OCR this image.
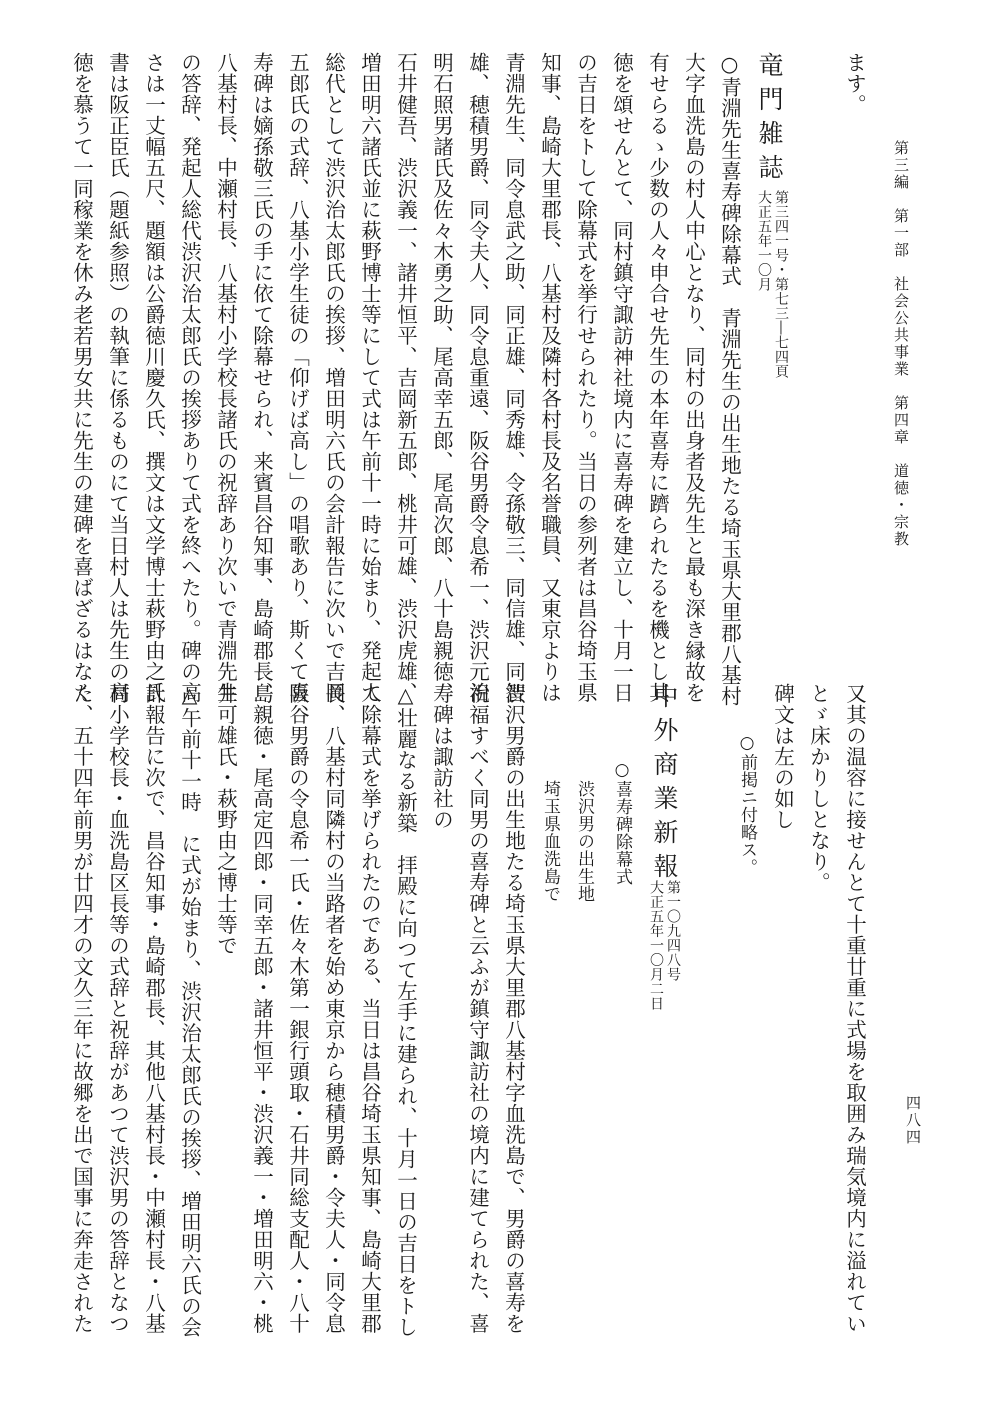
第三編　第一部　社会公共事業　第四章　道徳・宗教
四八四
ます。
竜門雑誌
第三四一号・第七三―七四頁
大正五年一〇月
○青淵先生喜寿碑除幕式　青淵先生の出生地たる埼玉県大里郡八基村
大字血洗島の村人中心となり、同村の出身者及先生と最も深き縁故を
有せらるゝ少数の人々申合せ先生の本年喜寿に躋られたるを機とし其
徳を頌せんとて、同村鎮守諏訪神社境内に喜寿碑を建立し、十月一日
の吉日をトして除幕式を挙行せられたり。当日の参列者は昌谷埼玉県
知事、島崎大里郡長、八基村及隣村各村長及名誉職員、又東京よりは
青淵先生、同令息武之助、同正雄、同秀雄、令孫敬三、同信雄、同智
雄、穂積男爵、同令夫人、同令息重遠、阪谷男爵令息希一、渋沢元治
明石照男諸氏及佐々木勇之助、尾高幸五郎、尾高次郎、八十島親徳、
石井健吾、渋沢義一、諸井恒平、吉岡新五郎、桃井可雄、渋沢虎雄、
増田明六諸氏並に萩野博士等にして式は午前十一時に始まり、発起人
総代として渋沢治太郎氏の挨拶、増田明六氏の会計報告に次いで吉岡
五郎氏の式辞、八基小学生徒の「仰げば高し」の唱歌あり、斯くて喜
寿碑は嫡孫敬三氏の手に依て除幕せられ、来賓昌谷知事、島崎郡長、
八基村長、中瀬村長、八基村小学校長諸氏の祝辞あり次いで青淵先生
の答辞、発起人総代渋沢治太郎氏の挨拶ありて式を終へたり。碑の高
さは一丈幅五尺、題額は公爵徳川慶久氏、撰文は文学博士萩野由之氏
書は阪正臣氏（題紙参照）の執筆に係るものにて当日村人は先生の高
徳を慕うて一同稼業を休み老若男女共に先生の建碑を喜ばざるはなく
又其の温容に接せんとて十重廿重に式場を取囲み瑞気境内に溢れてい
とゞ床かりしとなり。
碑文は左の如し
○前掲ニ付略ス。
中外商業新報
第一〇九四八号
大正五年一〇月二日
○喜寿碑除幕式
渋沢男の出生地
埼玉県血洗島で
渋沢男爵の出生地たる埼玉県大里郡八基村字血洗島で、男爵の喜寿を
祝福すべく同男の喜寿碑と云ふが鎮守諏訪社の境内に建てられた、喜
寿碑は諏訪社の
△壮麗なる新築　拝殿に向つて左手に建られ、十月一日の吉日をトし
て除幕式を挙げられたのである、当日は昌谷埼玉県知事、島崎大里郡
長、八基村同隣村の当路者を始め東京から穂積男爵・令夫人・同令息
阪谷男爵の令息希一氏・佐々木第一銀行頭取・石井同総支配人・八十
島親徳・尾高定四郎・同幸五郎・諸井恒平・渋沢義一・増田明六・桃
井可雄氏・萩野由之博士等で
△午前十一時　に式が始まり、渋沢治太郎氏の挨拶、増田明六氏の会
計報告に次で、昌谷知事・島崎郡長、其他八基村長・中瀬村長・八基
村小学校長・血洗島区長等の式辞と祝辞があつて渋沢男の答辞となつ
た、五十四年前男が廿四才の文久三年に故郷を出で国事に奔走された
